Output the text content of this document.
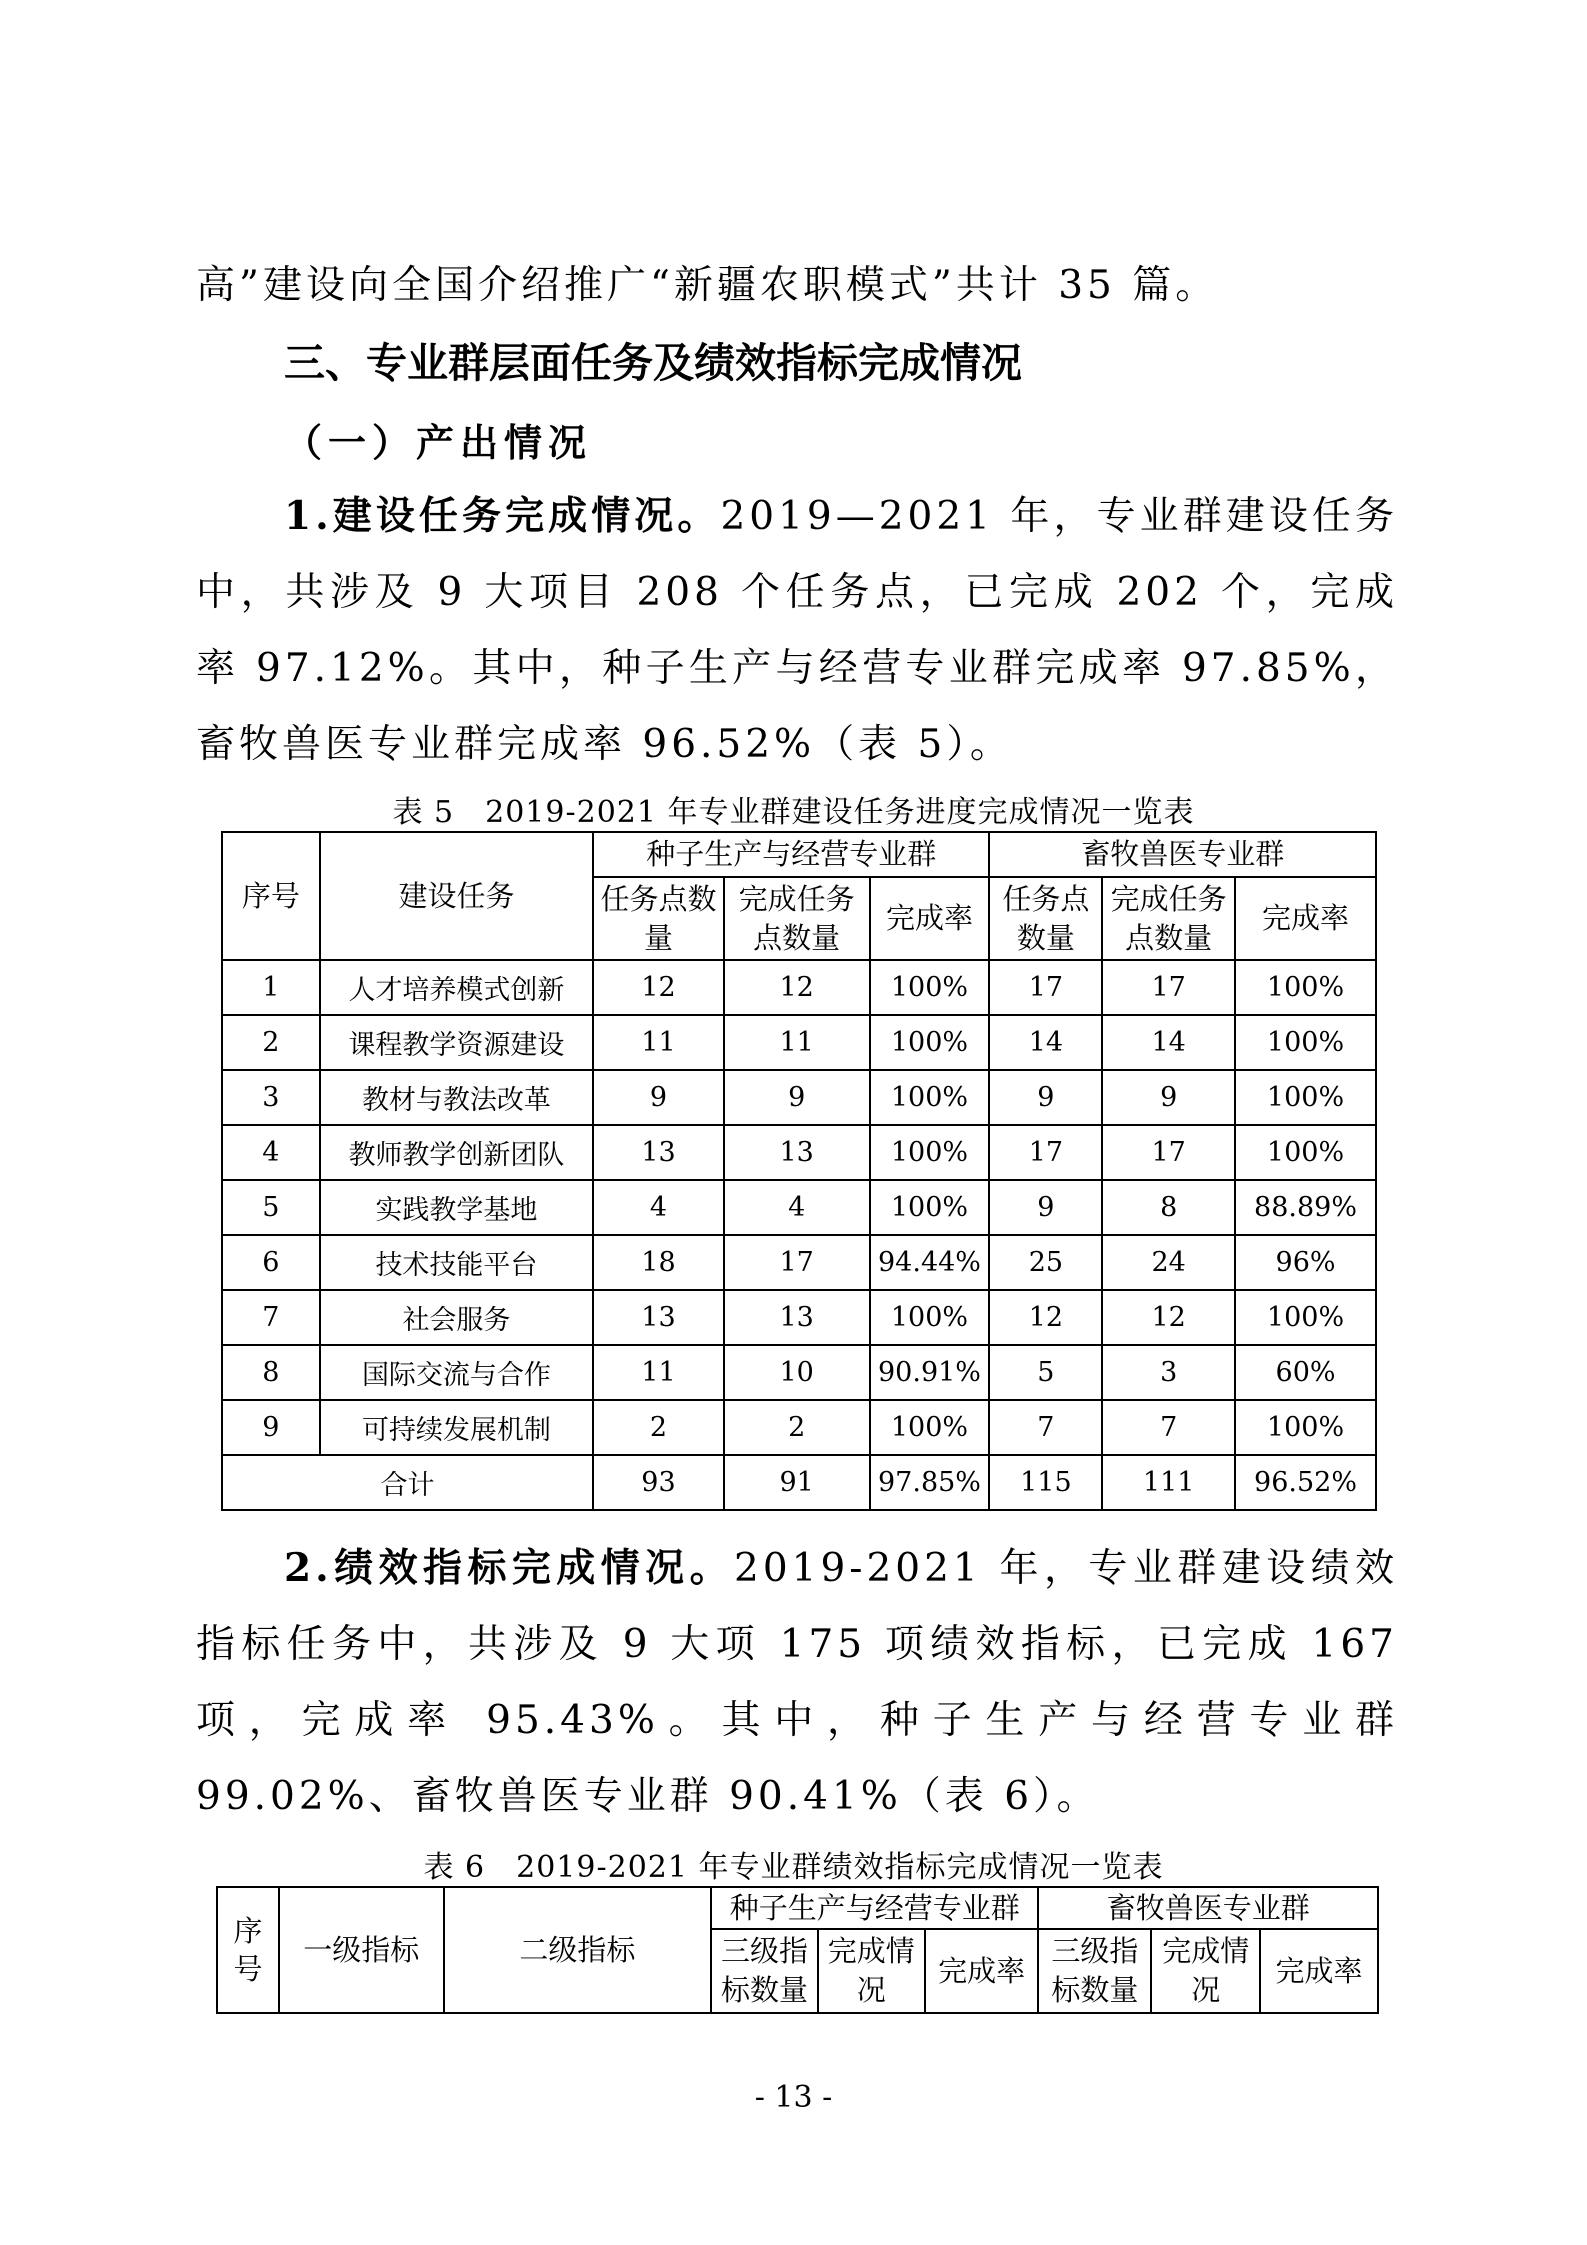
高”建设向全国介绍推广“新疆农职模式”共计 35 篇。
三、专业群层面任务及绩效指标完成情况
（一）产出情况
1.建设任务完成情况。2019—2021 年，专业群建设任务中，共涉及 9 大项目 208 个任务点，已完成 202 个，完成率 97.12%。其中，种子生产与经营专业群完成率 97.85%，畜牧兽医专业群完成率 96.52%（表 5）。
表 5　2019-2021 年专业群建设任务进度完成情况一览表
序号	建设任务	种子生产与经营专业群			畜牧兽医专业群		
		任务点数量	完成任务点数量	完成率	任务点数量	完成任务点数量	完成率
1	人才培养模式创新	12	12	100%	17	17	100%
2	课程教学资源建设	11	11	100%	14	14	100%
3	教材与教法改革	9	9	100%	9	9	100%
4	教师教学创新团队	13	13	100%	17	17	100%
5	实践教学基地	4	4	100%	9	8	88.89%
6	技术技能平台	18	17	94.44%	25	24	96%
7	社会服务	13	13	100%	12	12	100%
8	国际交流与合作	11	10	90.91%	5	3	60%
9	可持续发展机制	2	2	100%	7	7	100%
合计		93	91	97.85%	115	111	96.52%
2.绩效指标完成情况。2019-2021 年，专业群建设绩效指标任务中，共涉及 9 大项 175 项绩效指标，已完成 167 项，完成率 95.43%。其中，种子生产与经营专业群 99.02%、畜牧兽医专业群 90.41%（表 6）。
表 6　2019-2021 年专业群绩效指标完成情况一览表
序号	一级指标	二级指标	种子生产与经营专业群			畜牧兽医专业群		
			三级指标数量	完成情况	完成率	三级指标数量	完成情况	完成率
- 13 -
